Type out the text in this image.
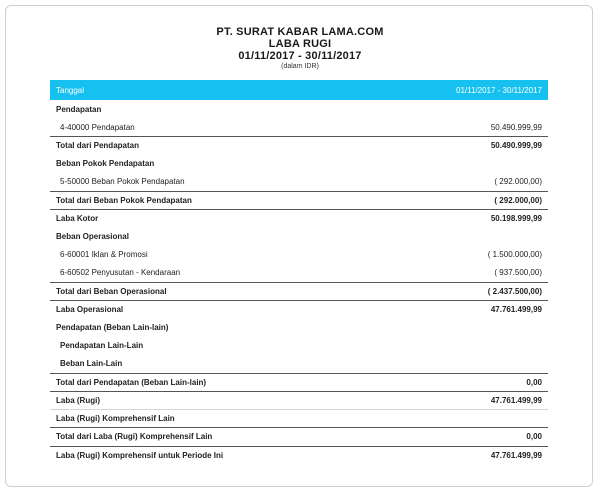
PT. SURAT KABAR LAMA.COM
LABA RUGI
01/11/2017 - 30/11/2017
(dalam IDR)
Tanggal	01/11/2017 - 30/11/2017
Pendapatan
4-40000 Pendapatan	50.490.999,99
Total dari Pendapatan	50.490.999,99
Beban Pokok Pendapatan
5-50000 Beban Pokok Pendapatan	( 292.000,00)
Total dari Beban Pokok Pendapatan	( 292.000,00)
Laba Kotor	50.198.999,99
Beban Operasional
6-60001 Iklan & Promosi	( 1.500.000,00)
6-60502 Penyusutan - Kendaraan	( 937.500,00)
Total dari Beban Operasional	( 2.437.500,00)
Laba Operasional	47.761.499,99
Pendapatan (Beban Lain-lain)
Pendapatan Lain-Lain
Beban Lain-Lain
Total dari Pendapatan (Beban Lain-lain)	0,00
Laba (Rugi)	47.761.499,99
Laba (Rugi) Komprehensif Lain
Total dari Laba (Rugi) Komprehensif Lain	0,00
Laba (Rugi) Komprehensif untuk Periode Ini	47.761.499,99
